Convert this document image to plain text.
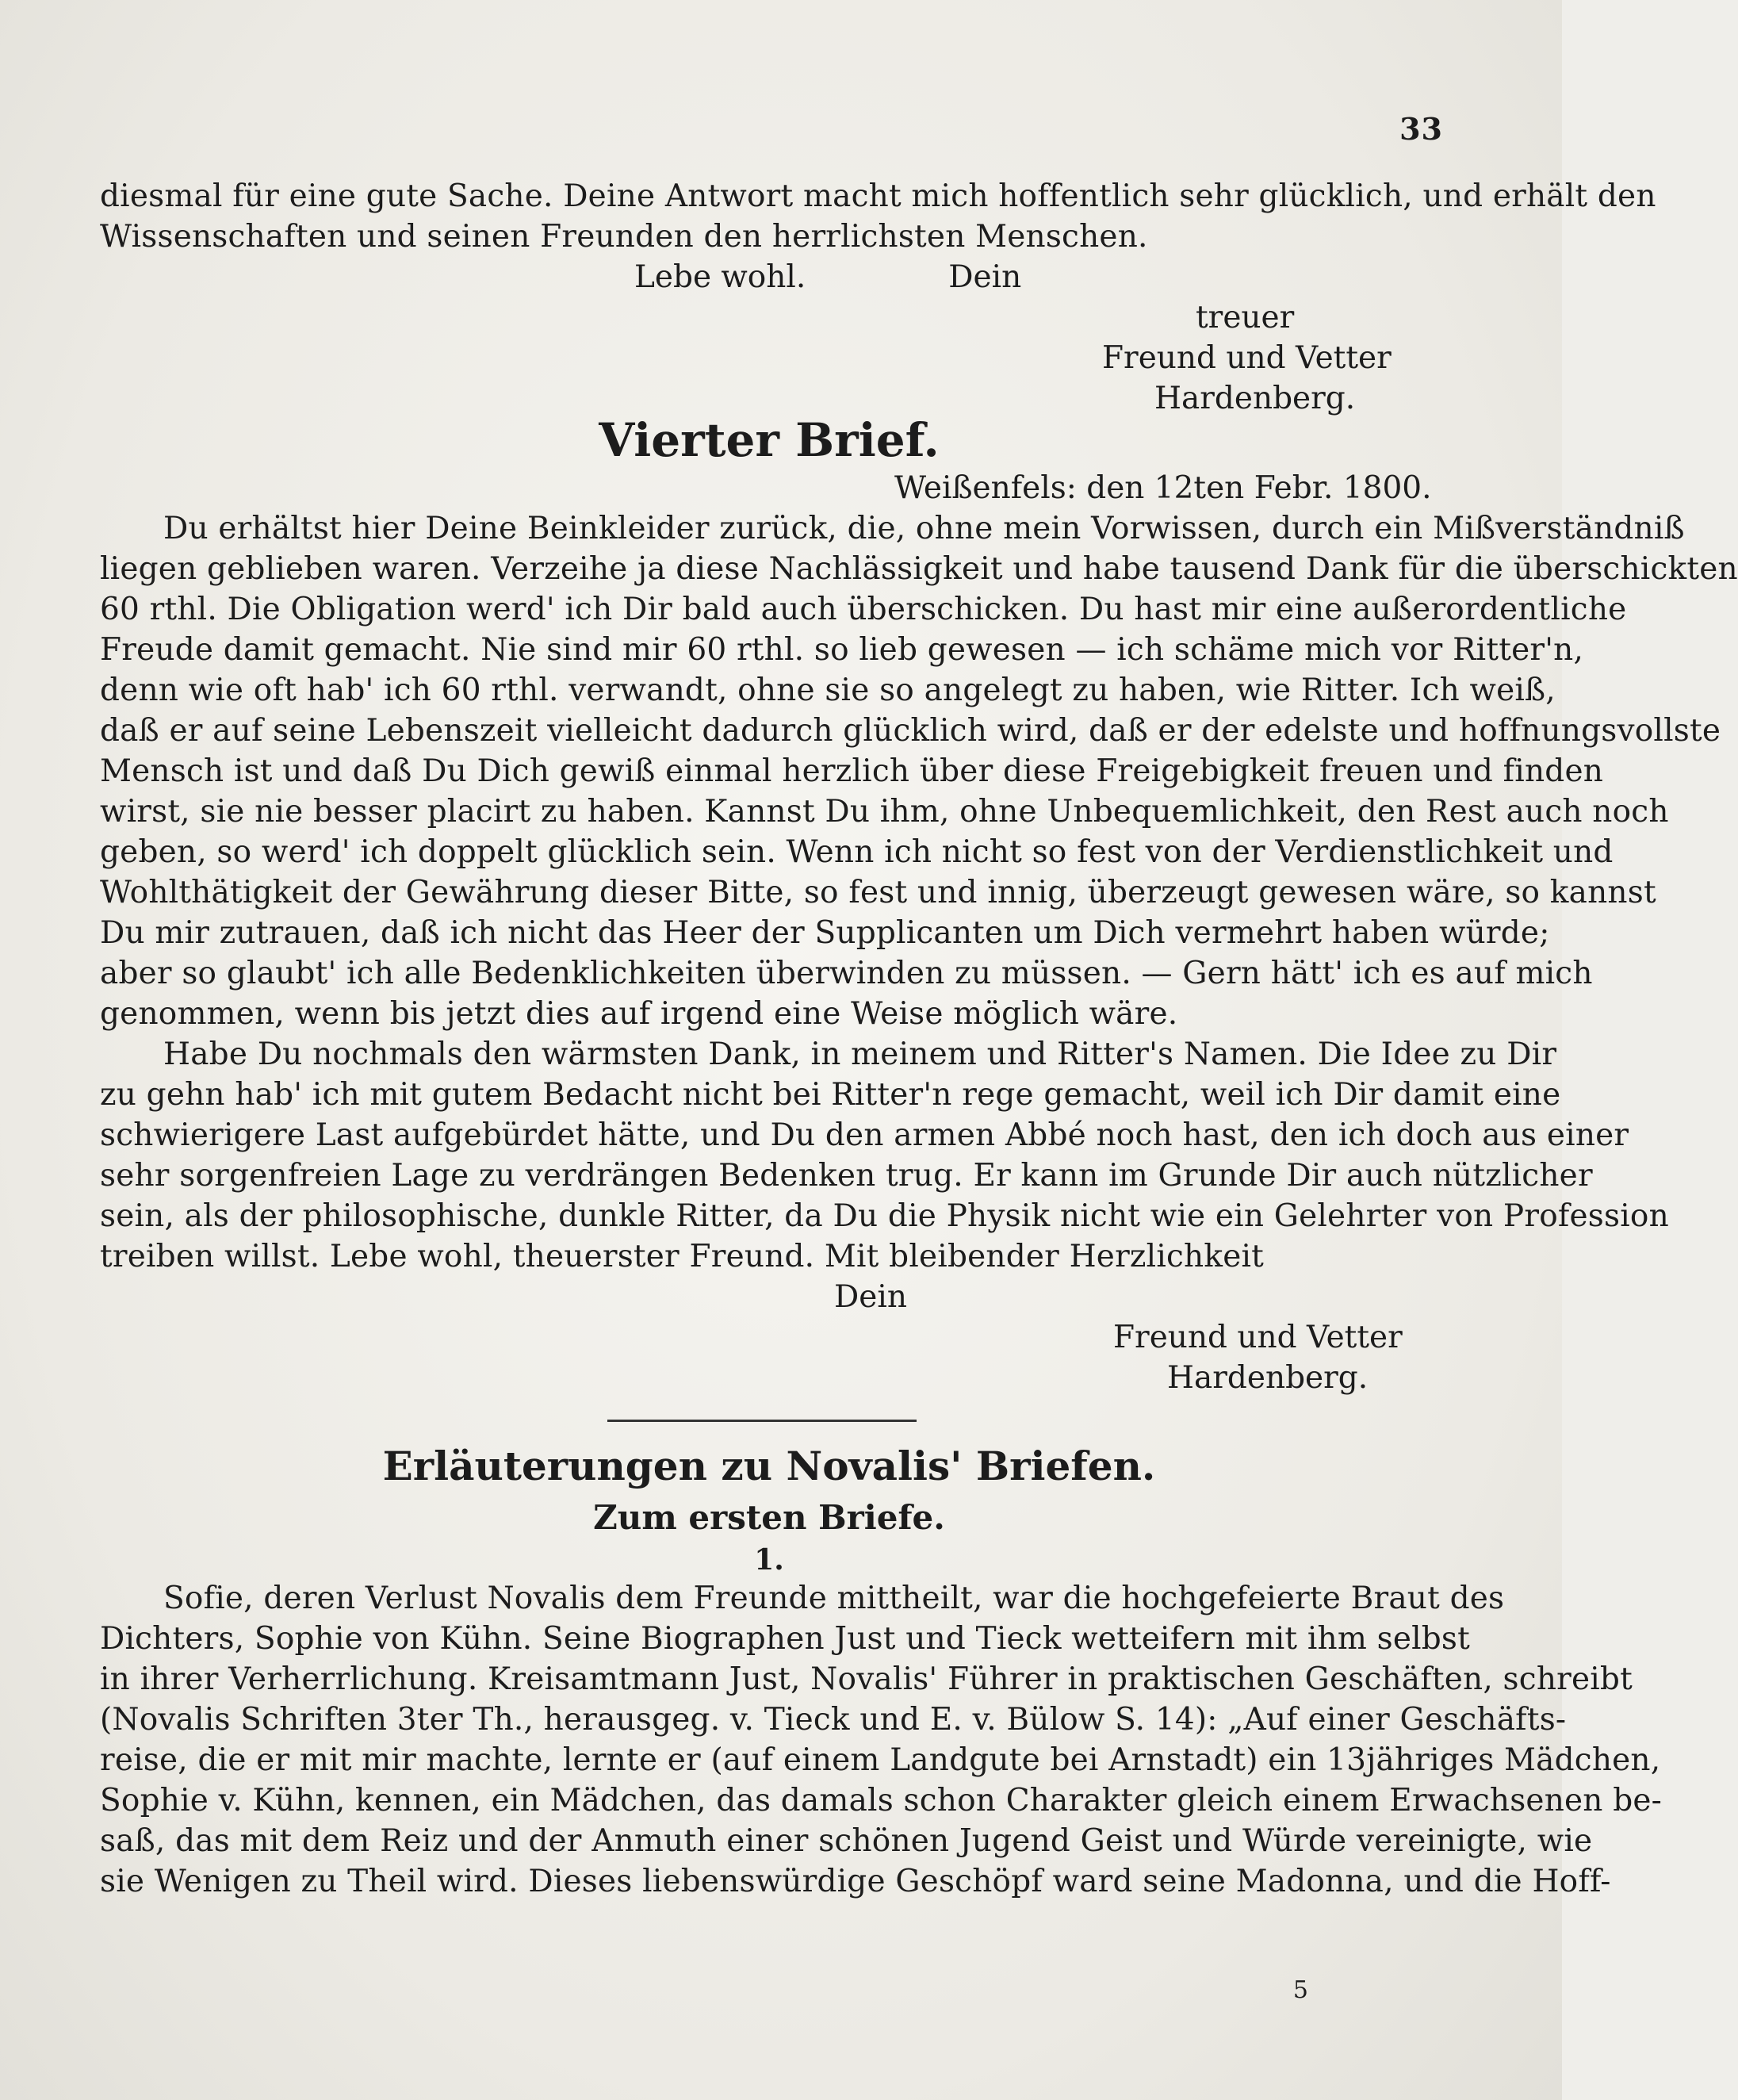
33
diesmal für eine gute Sache. Deine Antwort macht mich hoffentlich sehr glücklich, und erhält den
Wissenschaften und seinen Freunden den herrlichsten Menschen.
Lebe wohl.	Dein
treuer
Freund und Vetter
Hardenberg.
Vierter Brief.
Weißenfels: den 12ten Febr. 1800.
Du erhältst hier Deine Beinkleider zurück, die, ohne mein Vorwissen, durch ein Mißverständniß
liegen geblieben waren. Verzeihe ja diese Nachlässigkeit und habe tausend Dank für die überschickten
60 rthl. Die Obligation werd' ich Dir bald auch überschicken. Du hast mir eine außerordentliche
Freude damit gemacht. Nie sind mir 60 rthl. so lieb gewesen — ich schäme mich vor Ritter'n,
denn wie oft hab' ich 60 rthl. verwandt, ohne sie so angelegt zu haben, wie Ritter. Ich weiß,
daß er auf seine Lebenszeit vielleicht dadurch glücklich wird, daß er der edelste und hoffnungsvollste
Mensch ist und daß Du Dich gewiß einmal herzlich über diese Freigebigkeit freuen und finden
wirst, sie nie besser placirt zu haben. Kannst Du ihm, ohne Unbequemlichkeit, den Rest auch noch
geben, so werd' ich doppelt glücklich sein. Wenn ich nicht so fest von der Verdienstlichkeit und
Wohlthätigkeit der Gewährung dieser Bitte, so fest und innig, überzeugt gewesen wäre, so kannst
Du mir zutrauen, daß ich nicht das Heer der Supplicanten um Dich vermehrt haben würde;
aber so glaubt' ich alle Bedenklichkeiten überwinden zu müssen. — Gern hätt' ich es auf mich
genommen, wenn bis jetzt dies auf irgend eine Weise möglich wäre.
Habe Du nochmals den wärmsten Dank, in meinem und Ritter's Namen. Die Idee zu Dir
zu gehn hab' ich mit gutem Bedacht nicht bei Ritter'n rege gemacht, weil ich Dir damit eine
schwierigere Last aufgebürdet hätte, und Du den armen Abbé noch hast, den ich doch aus einer
sehr sorgenfreien Lage zu verdrängen Bedenken trug. Er kann im Grunde Dir auch nützlicher
sein, als der philosophische, dunkle Ritter, da Du die Physik nicht wie ein Gelehrter von Profession
treiben willst. Lebe wohl, theuerster Freund. Mit bleibender Herzlichkeit
Dein
Freund und Vetter
Hardenberg.
Erläuterungen zu Novalis' Briefen.
Zum ersten Briefe.
1.
Sofie, deren Verlust Novalis dem Freunde mittheilt, war die hochgefeierte Braut des
Dichters, Sophie von Kühn. Seine Biographen Just und Tieck wetteifern mit ihm selbst
in ihrer Verherrlichung. Kreisamtmann Just, Novalis' Führer in praktischen Geschäften, schreibt
(Novalis Schriften 3ter Th., herausgeg. v. Tieck und E. v. Bülow S. 14): „Auf einer Geschäfts-
reise, die er mit mir machte, lernte er (auf einem Landgute bei Arnstadt) ein 13jähriges Mädchen,
Sophie v. Kühn, kennen, ein Mädchen, das damals schon Charakter gleich einem Erwachsenen be-
saß, das mit dem Reiz und der Anmuth einer schönen Jugend Geist und Würde vereinigte, wie
sie Wenigen zu Theil wird. Dieses liebenswürdige Geschöpf ward seine Madonna, und die Hoff-
5
